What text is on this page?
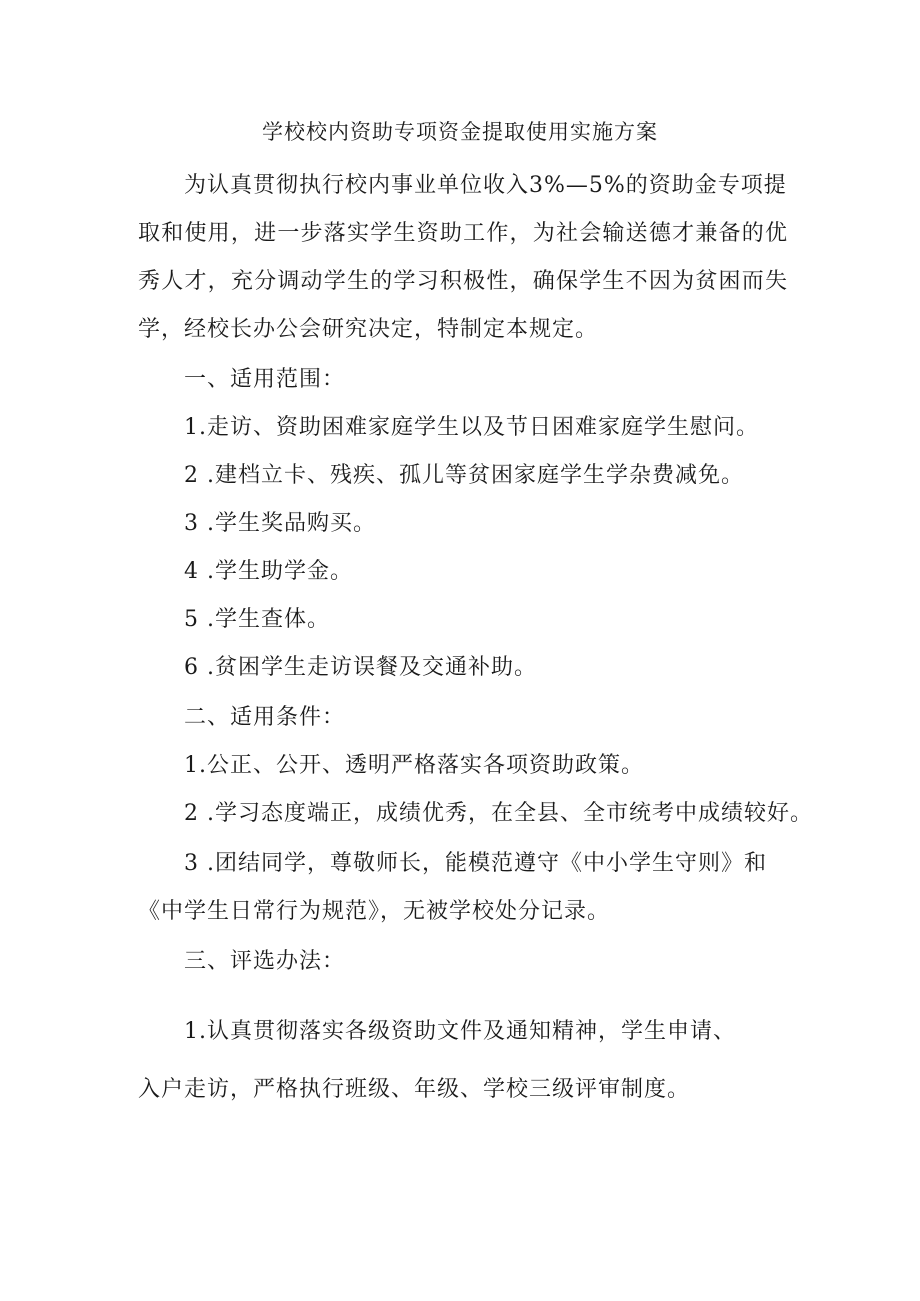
学校校内资助专项资金提取使用实施方案
为认真贯彻执行校内事业单位收入3%—5%的资助金专项提
取和使用，进一步落实学生资助工作，为社会输送德才兼备的优
秀人才，充分调动学生的学习积极性，确保学生不因为贫困而失
学，经校长办公会研究决定，特制定本规定。
一、适用范围：
1.走访、资助困难家庭学生以及节日困难家庭学生慰问。
2 .建档立卡、残疾、孤儿等贫困家庭学生学杂费减免。
3 .学生奖品购买。
4 .学生助学金。
5 .学生查体。
6 .贫困学生走访误餐及交通补助。
二、适用条件：
1.公正、公开、透明严格落实各项资助政策。
2 .学习态度端正，成绩优秀，在全县、全市统考中成绩较好。
3 .团结同学，尊敬师长，能模范遵守《中小学生守则》和
《中学生日常行为规范》，无被学校处分记录。
三、评选办法：
1.认真贯彻落实各级资助文件及通知精神，学生申请、
入户走访，严格执行班级、年级、学校三级评审制度。
